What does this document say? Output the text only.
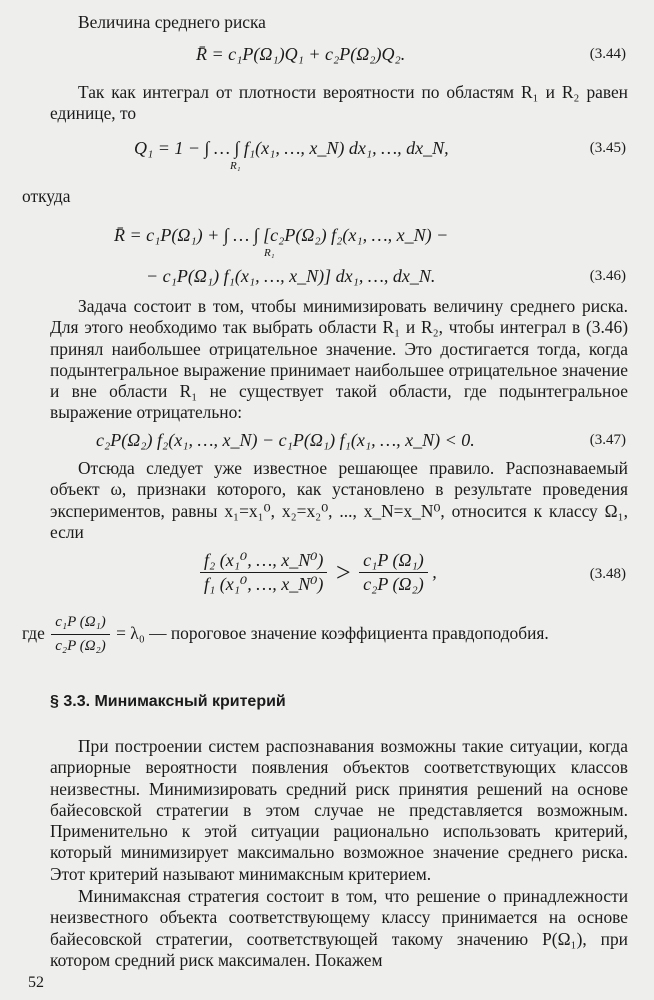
Величина среднего риска

R̄ = c₁P(Ω₁)Q₁ + c₂P(Ω₂)Q₂.	(3.44)

Так как интеграл от плотности вероятности по областям R₁ и R₂ равен единице, то

Q₁ = 1 − ∫ … ∫ f₁(x₁, …, x_N) dx₁, …, dx_N,
R₁
(3.45)

откуда

R̄ = c₁P(Ω₁) + ∫ … ∫ [c₂P(Ω₂) f₂(x₁, …, x_N) −
R₁
− c₁P(Ω₁) f₁(x₁, …, x_N)] dx₁, …, dx_N.	(3.46)

Задача состоит в том, чтобы минимизировать величину среднего риска. Для этого необходимо так выбрать области R₁ и R₂, чтобы интеграл в (3.46) принял наибольшее отрицательное значение. Это достигается тогда, когда подынтегральное выражение принимает наибольшее отрицательное значение и вне области R₁ не существует такой области, где подынтегральное выражение отрицательно:

c₂P(Ω₂) f₂(x₁, …, x_N) − c₁P(Ω₁) f₁(x₁, …, x_N) < 0.	(3.47)

Отсюда следует уже известное решающее правило. Распознаваемый объект ω, признаки которого, как установлено в результате проведения экспериментов, равны x₁=x₁⁰, x₂=x₂⁰, ..., x_N=x_N⁰, относится к классу Ω₁, если

$\frac{\text{f₂ (x₁⁰, …, x\_N⁰)}}{\text{f₁ (x₁⁰, …, x\_N⁰)}} > \frac{\text{c₁P (Ω₁)}}{\text{c₂P (Ω₂)}}$ ,	(3.48)
где $\frac{\text{c₁P (Ω₁)}}{\text{c₂P (Ω₂)}} = \lambda_0$ — пороговое значение коэффициента правдоподобия.
§ 3.3. Минимаксный критерий

При построении систем распознавания возможны такие ситуации, когда априорные вероятности появления объектов соответствующих классов неизвестны. Минимизировать средний риск принятия решений на основе байесовской стратегии в этом случае не представляется возможным. Применительно к этой ситуации рационально использовать критерий, который минимизирует максимально возможное значение среднего риска. Этот критерий называют минимаксным критерием.

Минимаксная стратегия состоит в том, что решение о принадлежности неизвестного объекта соответствующему классу принимается на основе байесовской стратегии, соответствующей такому значению P(Ω₁), при котором средний риск максимален. Покажем

52
